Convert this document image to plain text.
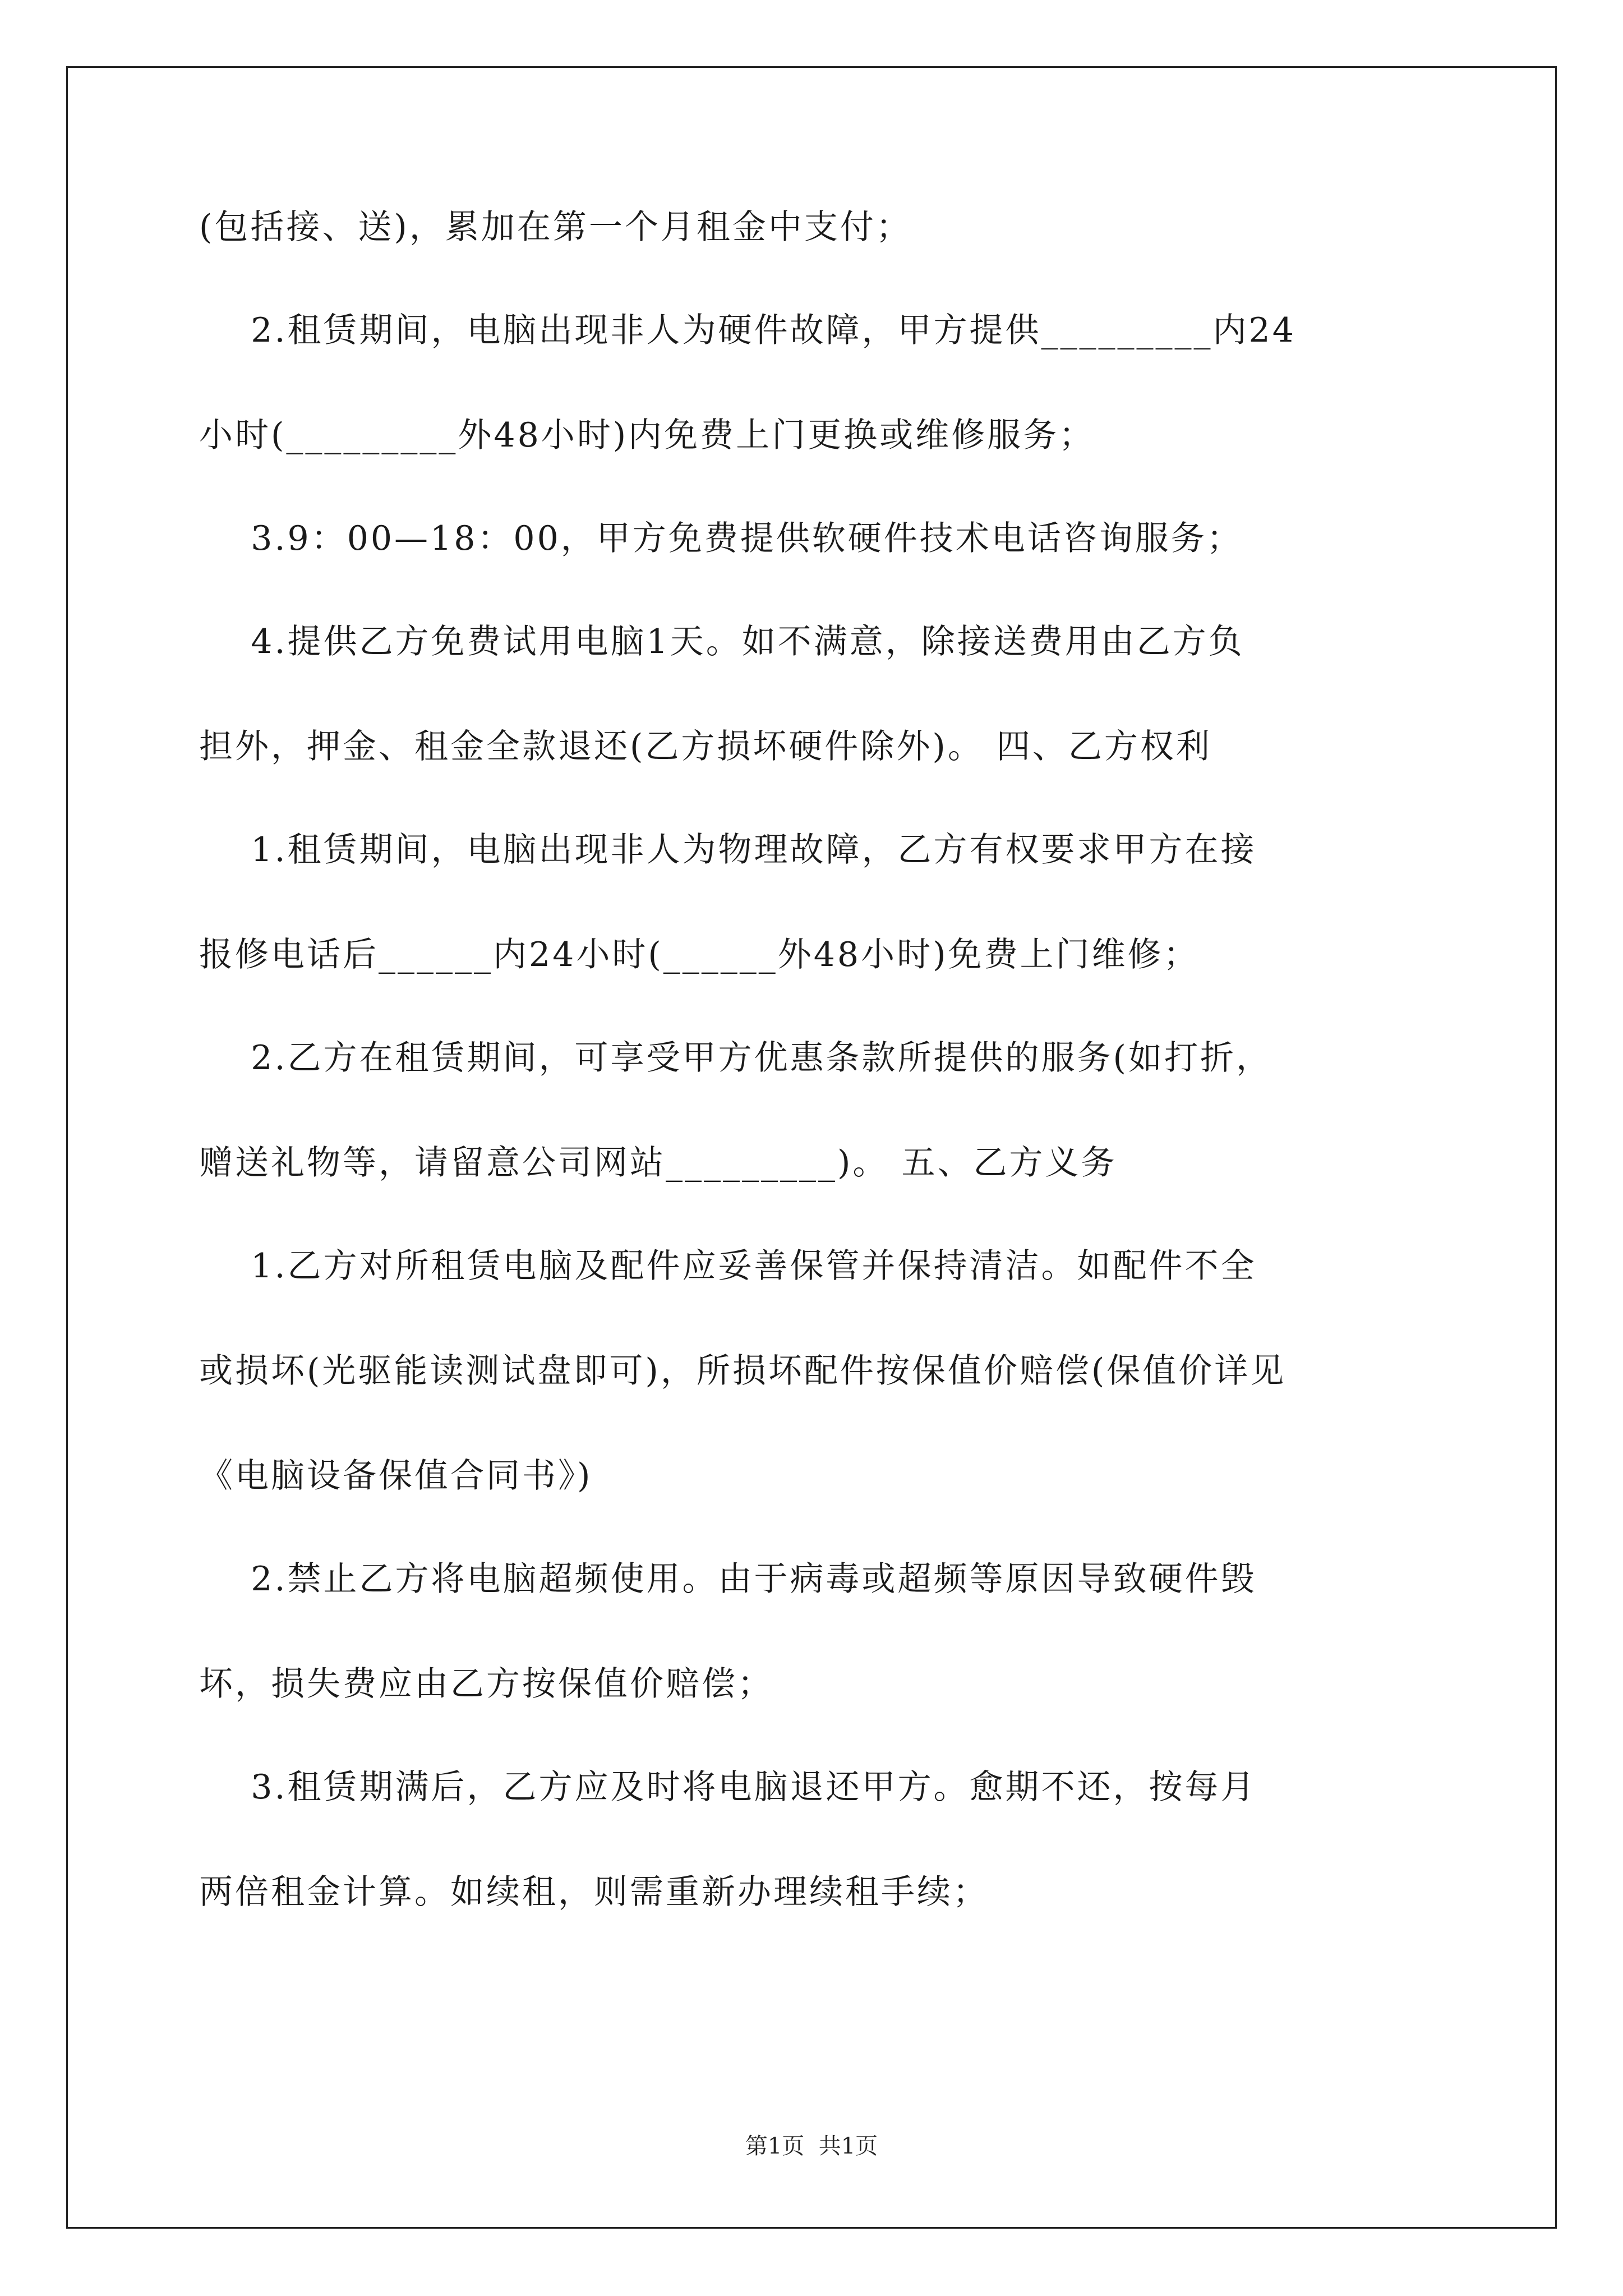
(包括接、送)，累加在第一个月租金中支付；

2.租赁期间，电脑出现非人为硬件故障，甲方提供_________内24

小时(_________外48小时)内免费上门更换或维修服务；

3.9：00—18：00，甲方免费提供软硬件技术电话咨询服务；

4.提供乙方免费试用电脑1天。如不满意，除接送费用由乙方负

担外，押金、租金全款退还(乙方损坏硬件除外)。 四、乙方权利

1.租赁期间，电脑出现非人为物理故障，乙方有权要求甲方在接

报修电话后______内24小时(______外48小时)免费上门维修；

2.乙方在租赁期间，可享受甲方优惠条款所提供的服务(如打折，

赠送礼物等，请留意公司网站_________)。 五、乙方义务

1.乙方对所租赁电脑及配件应妥善保管并保持清洁。如配件不全

或损坏(光驱能读测试盘即可)，所损坏配件按保值价赔偿(保值价详见

《电脑设备保值合同书》)

2.禁止乙方将电脑超频使用。由于病毒或超频等原因导致硬件毁

坏，损失费应由乙方按保值价赔偿；

3.租赁期满后，乙方应及时将电脑退还甲方。愈期不还，按每月

两倍租金计算。如续租，则需重新办理续租手续；

第1页  共1页
